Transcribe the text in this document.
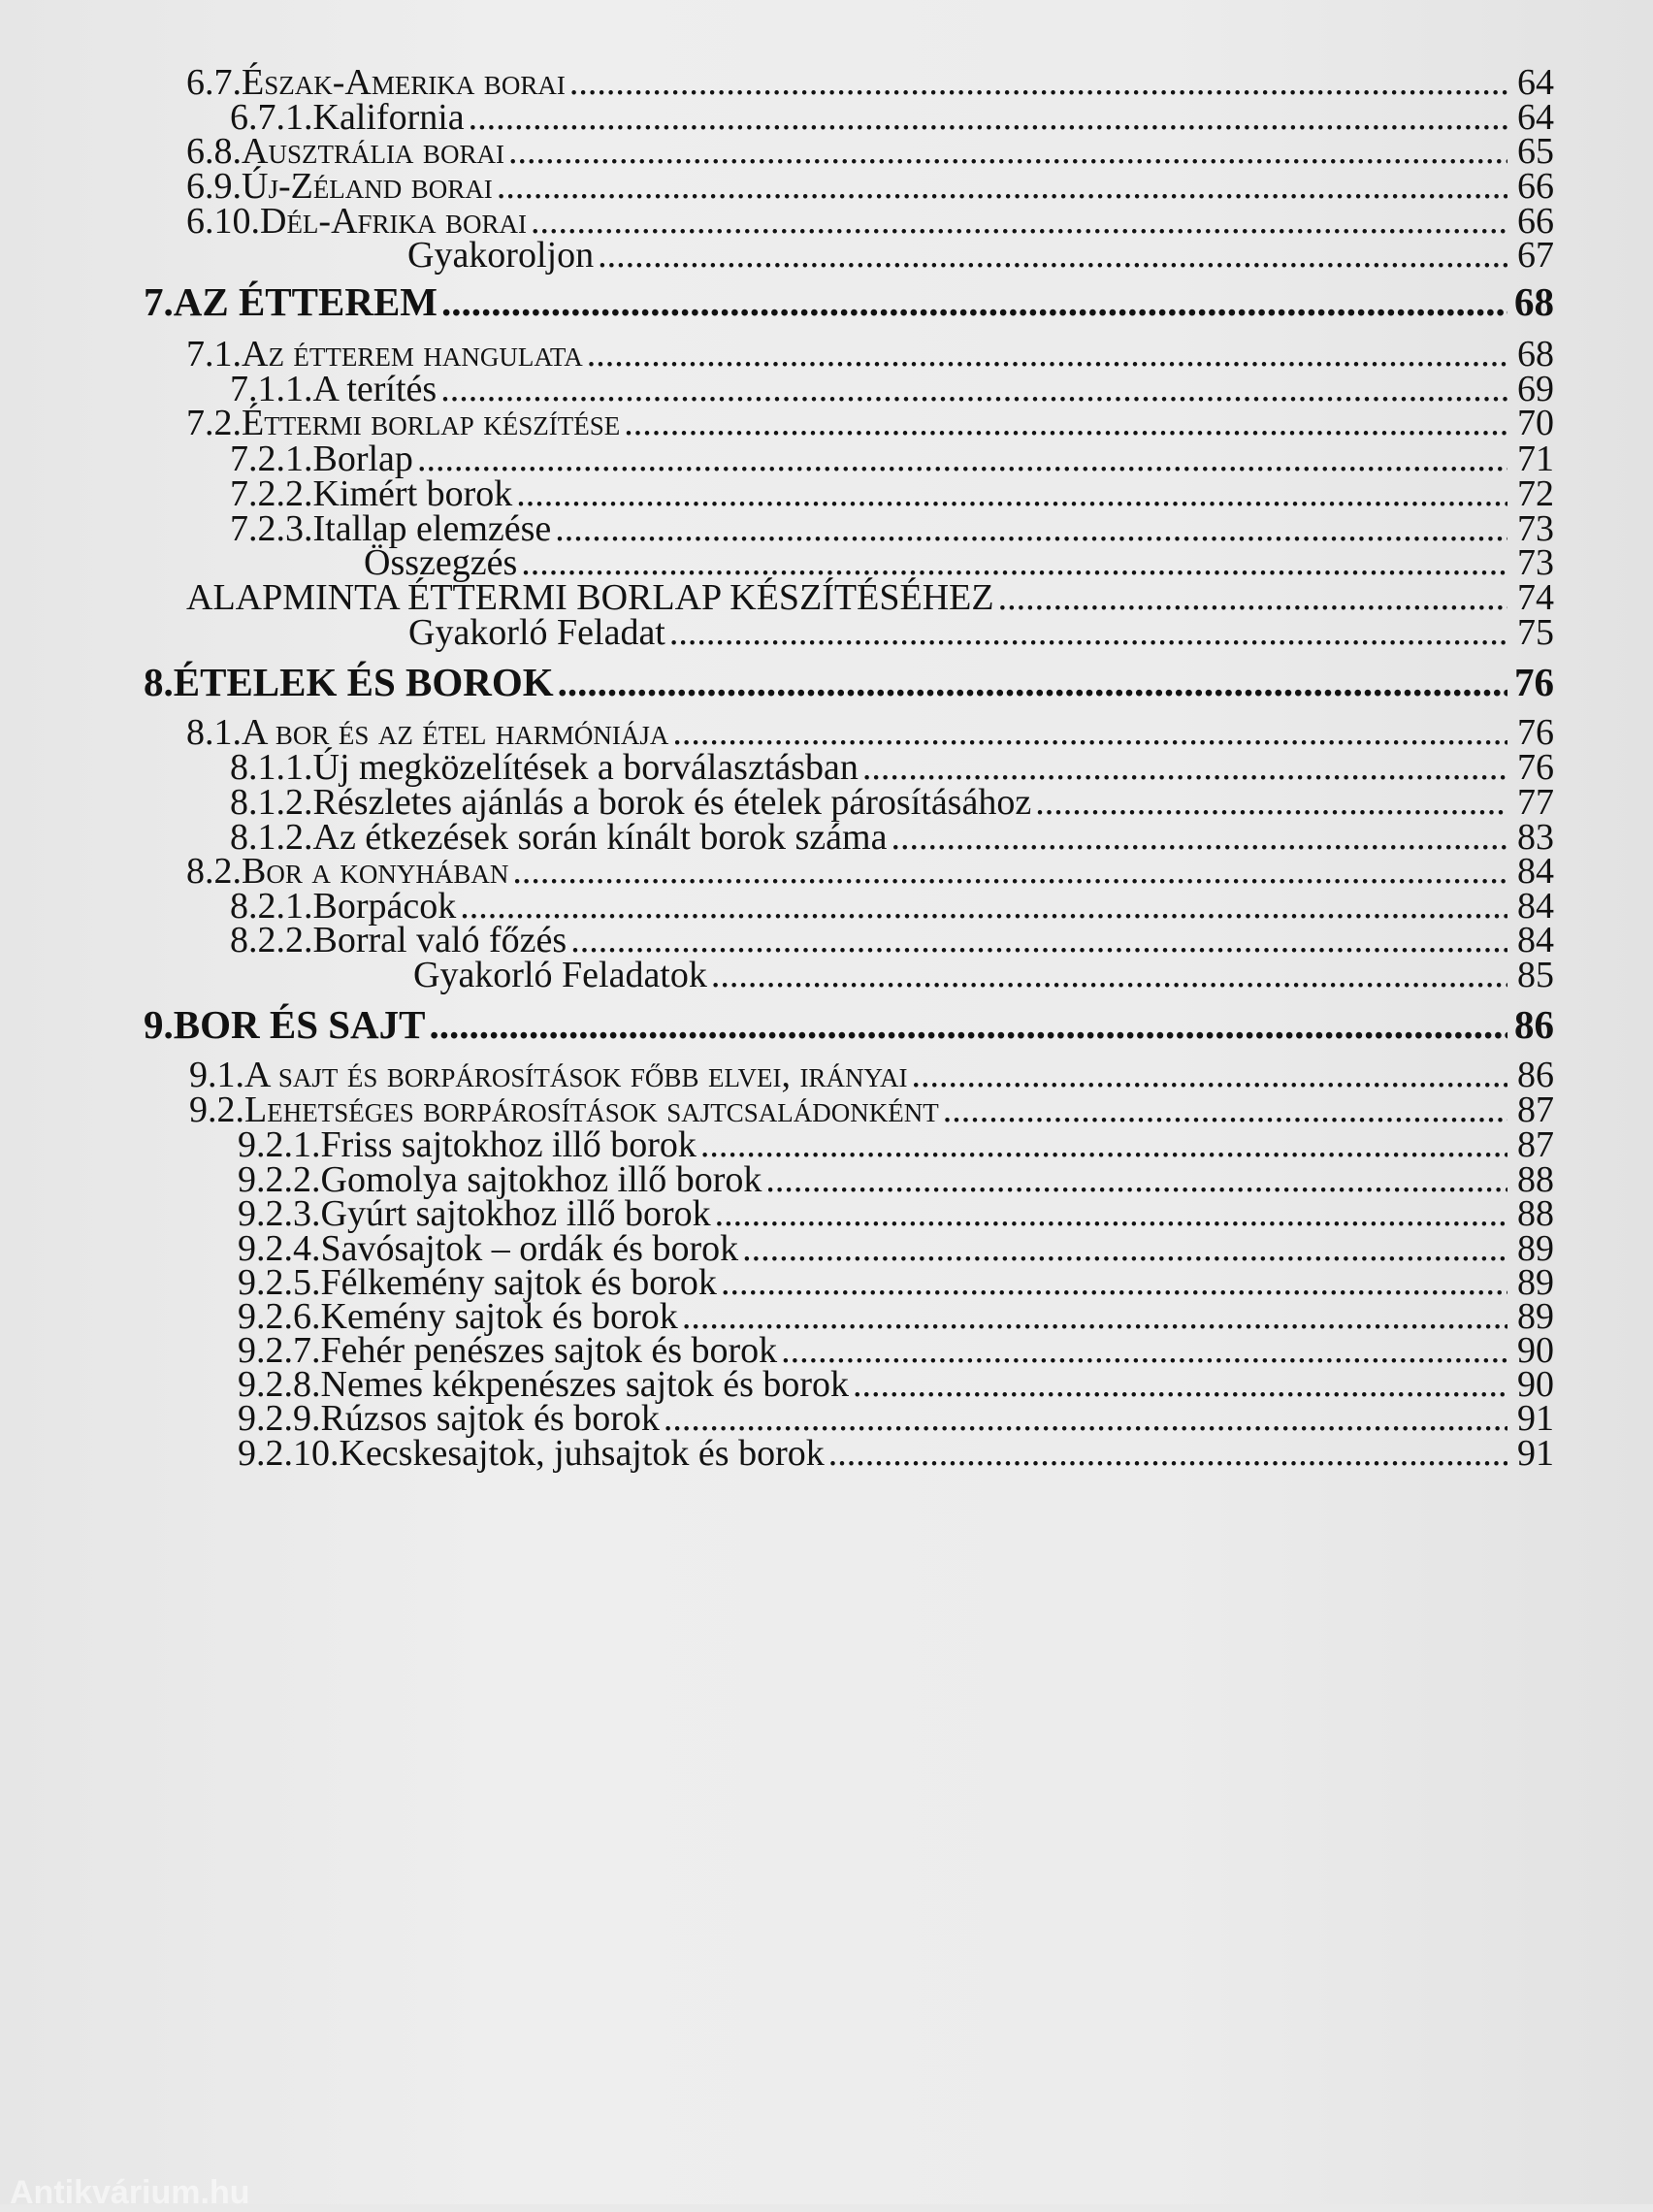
6.7. Észak-Amerika borai .....	64
6.7.1. Kalifornia .....	64
6.8. Ausztrália borai .....	65
6.9. Új-Zéland borai .....	66
6.10. Dél-Afrika borai .....	66
Gyakoroljon .....	67
7. AZ ÉTTEREM .....	68
7.1. Az étterem hangulata .....	68
7.1.1. A terítés .....	69
7.2. Éttermi borlap készítése .....	70
7.2.1. Borlap .....	71
7.2.2. Kimért borok .....	72
7.2.3. Itallap elemzése .....	73
Összegzés .....	73
ALAPMINTA ÉTTERMI BORLAP KÉSZÍTÉSÉHEZ .....	74
Gyakorló Feladat .....	75
8. ÉTELEK ÉS BOROK .....	76
8.1. A bor és az étel harmóniája .....	76
8.1.1. Új megközelítések a borválasztásban .....	76
8.1.2. Részletes ajánlás a borok és ételek párosításához .....	77
8.1.2. Az étkezések során kínált borok száma .....	83
8.2. Bor a konyhában .....	84
8.2.1. Borpácok .....	84
8.2.2. Borral való főzés .....	84
Gyakorló Feladatok .....	85
9. BOR ÉS SAJT .....	86
9.1. A sajt és borpárosítások főbb elvei, irányai .....	86
9.2. Lehetséges borpárosítások sajtcsaládonként .....	87
9.2.1. Friss sajtokhoz illő borok .....	87
9.2.2. Gomolya sajtokhoz illő borok .....	88
9.2.3. Gyúrt sajtokhoz illő borok .....	88
9.2.4. Savósajtok – ordák és borok .....	89
9.2.5. Félkemény sajtok és borok .....	89
9.2.6. Kemény sajtok és borok .....	89
9.2.7. Fehér penészes sajtok és borok .....	90
9.2.8. Nemes kékpenészes sajtok és borok .....	90
9.2.9. Rúzsos sajtok és borok .....	91
9.2.10. Kecskesajtok, juhsajtok és borok .....	91
Antikvárium.hu
